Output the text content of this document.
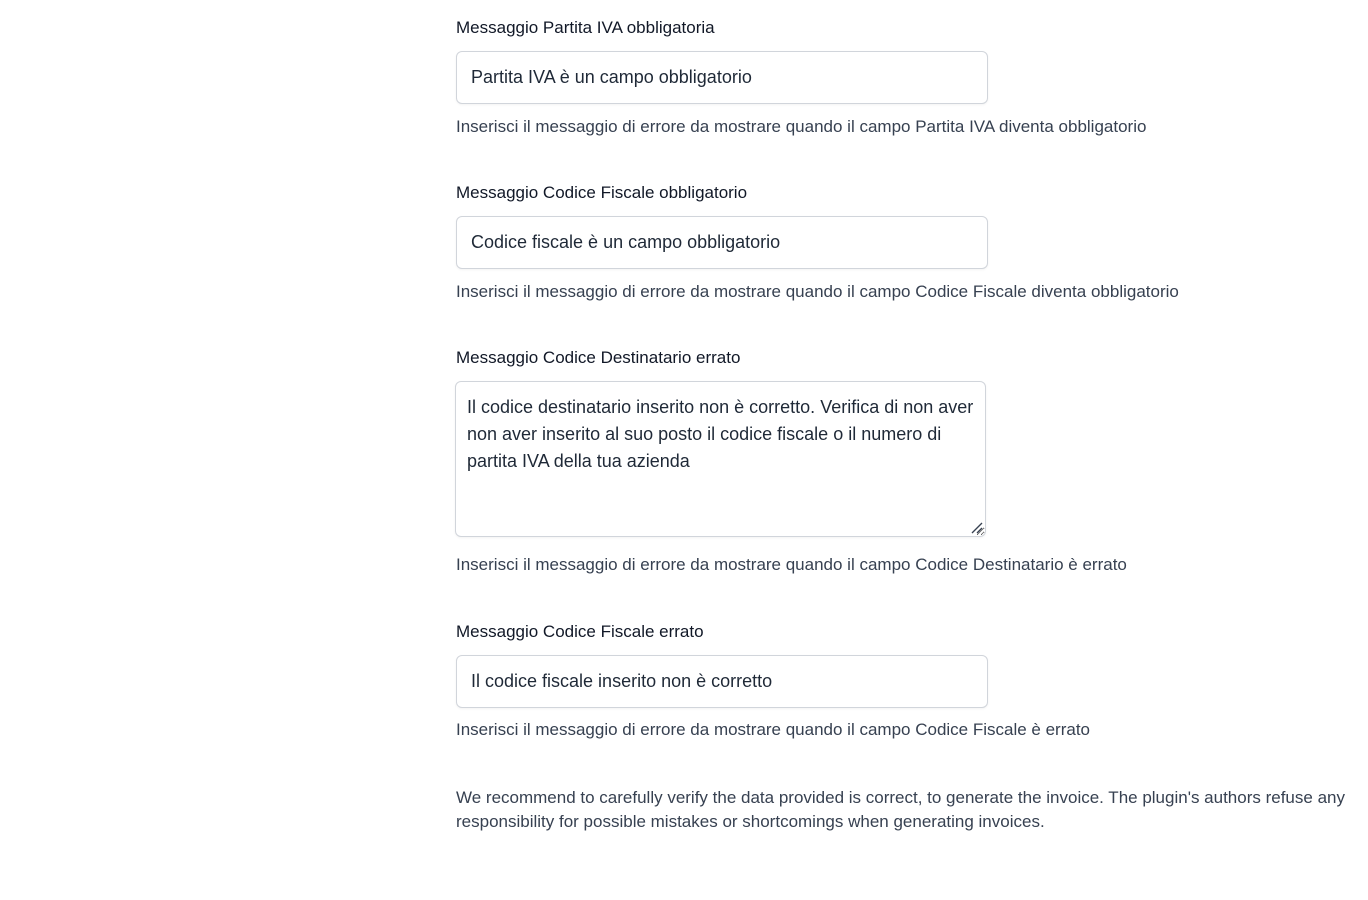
Messaggio Partita IVA obbligatoria
Partita IVA è un campo obbligatorio
Inserisci il messaggio di errore da mostrare quando il campo Partita IVA diventa obbligatorio
Messaggio Codice Fiscale obbligatorio
Codice fiscale è un campo obbligatorio
Inserisci il messaggio di errore da mostrare quando il campo Codice Fiscale diventa obbligatorio
Messaggio Codice Destinatario errato
Il codice destinatario inserito non è corretto. Verifica di non aver non aver inserito al suo posto il codice fiscale o il numero di partita IVA della tua azienda
Inserisci il messaggio di errore da mostrare quando il campo Codice Destinatario è errato
Messaggio Codice Fiscale errato
Il codice fiscale inserito non è corretto
Inserisci il messaggio di errore da mostrare quando il campo Codice Fiscale è errato

We recommend to carefully verify the data provided is correct, to generate the invoice. The plugin's authors refuse any responsibility for possible mistakes or shortcomings when generating invoices.
